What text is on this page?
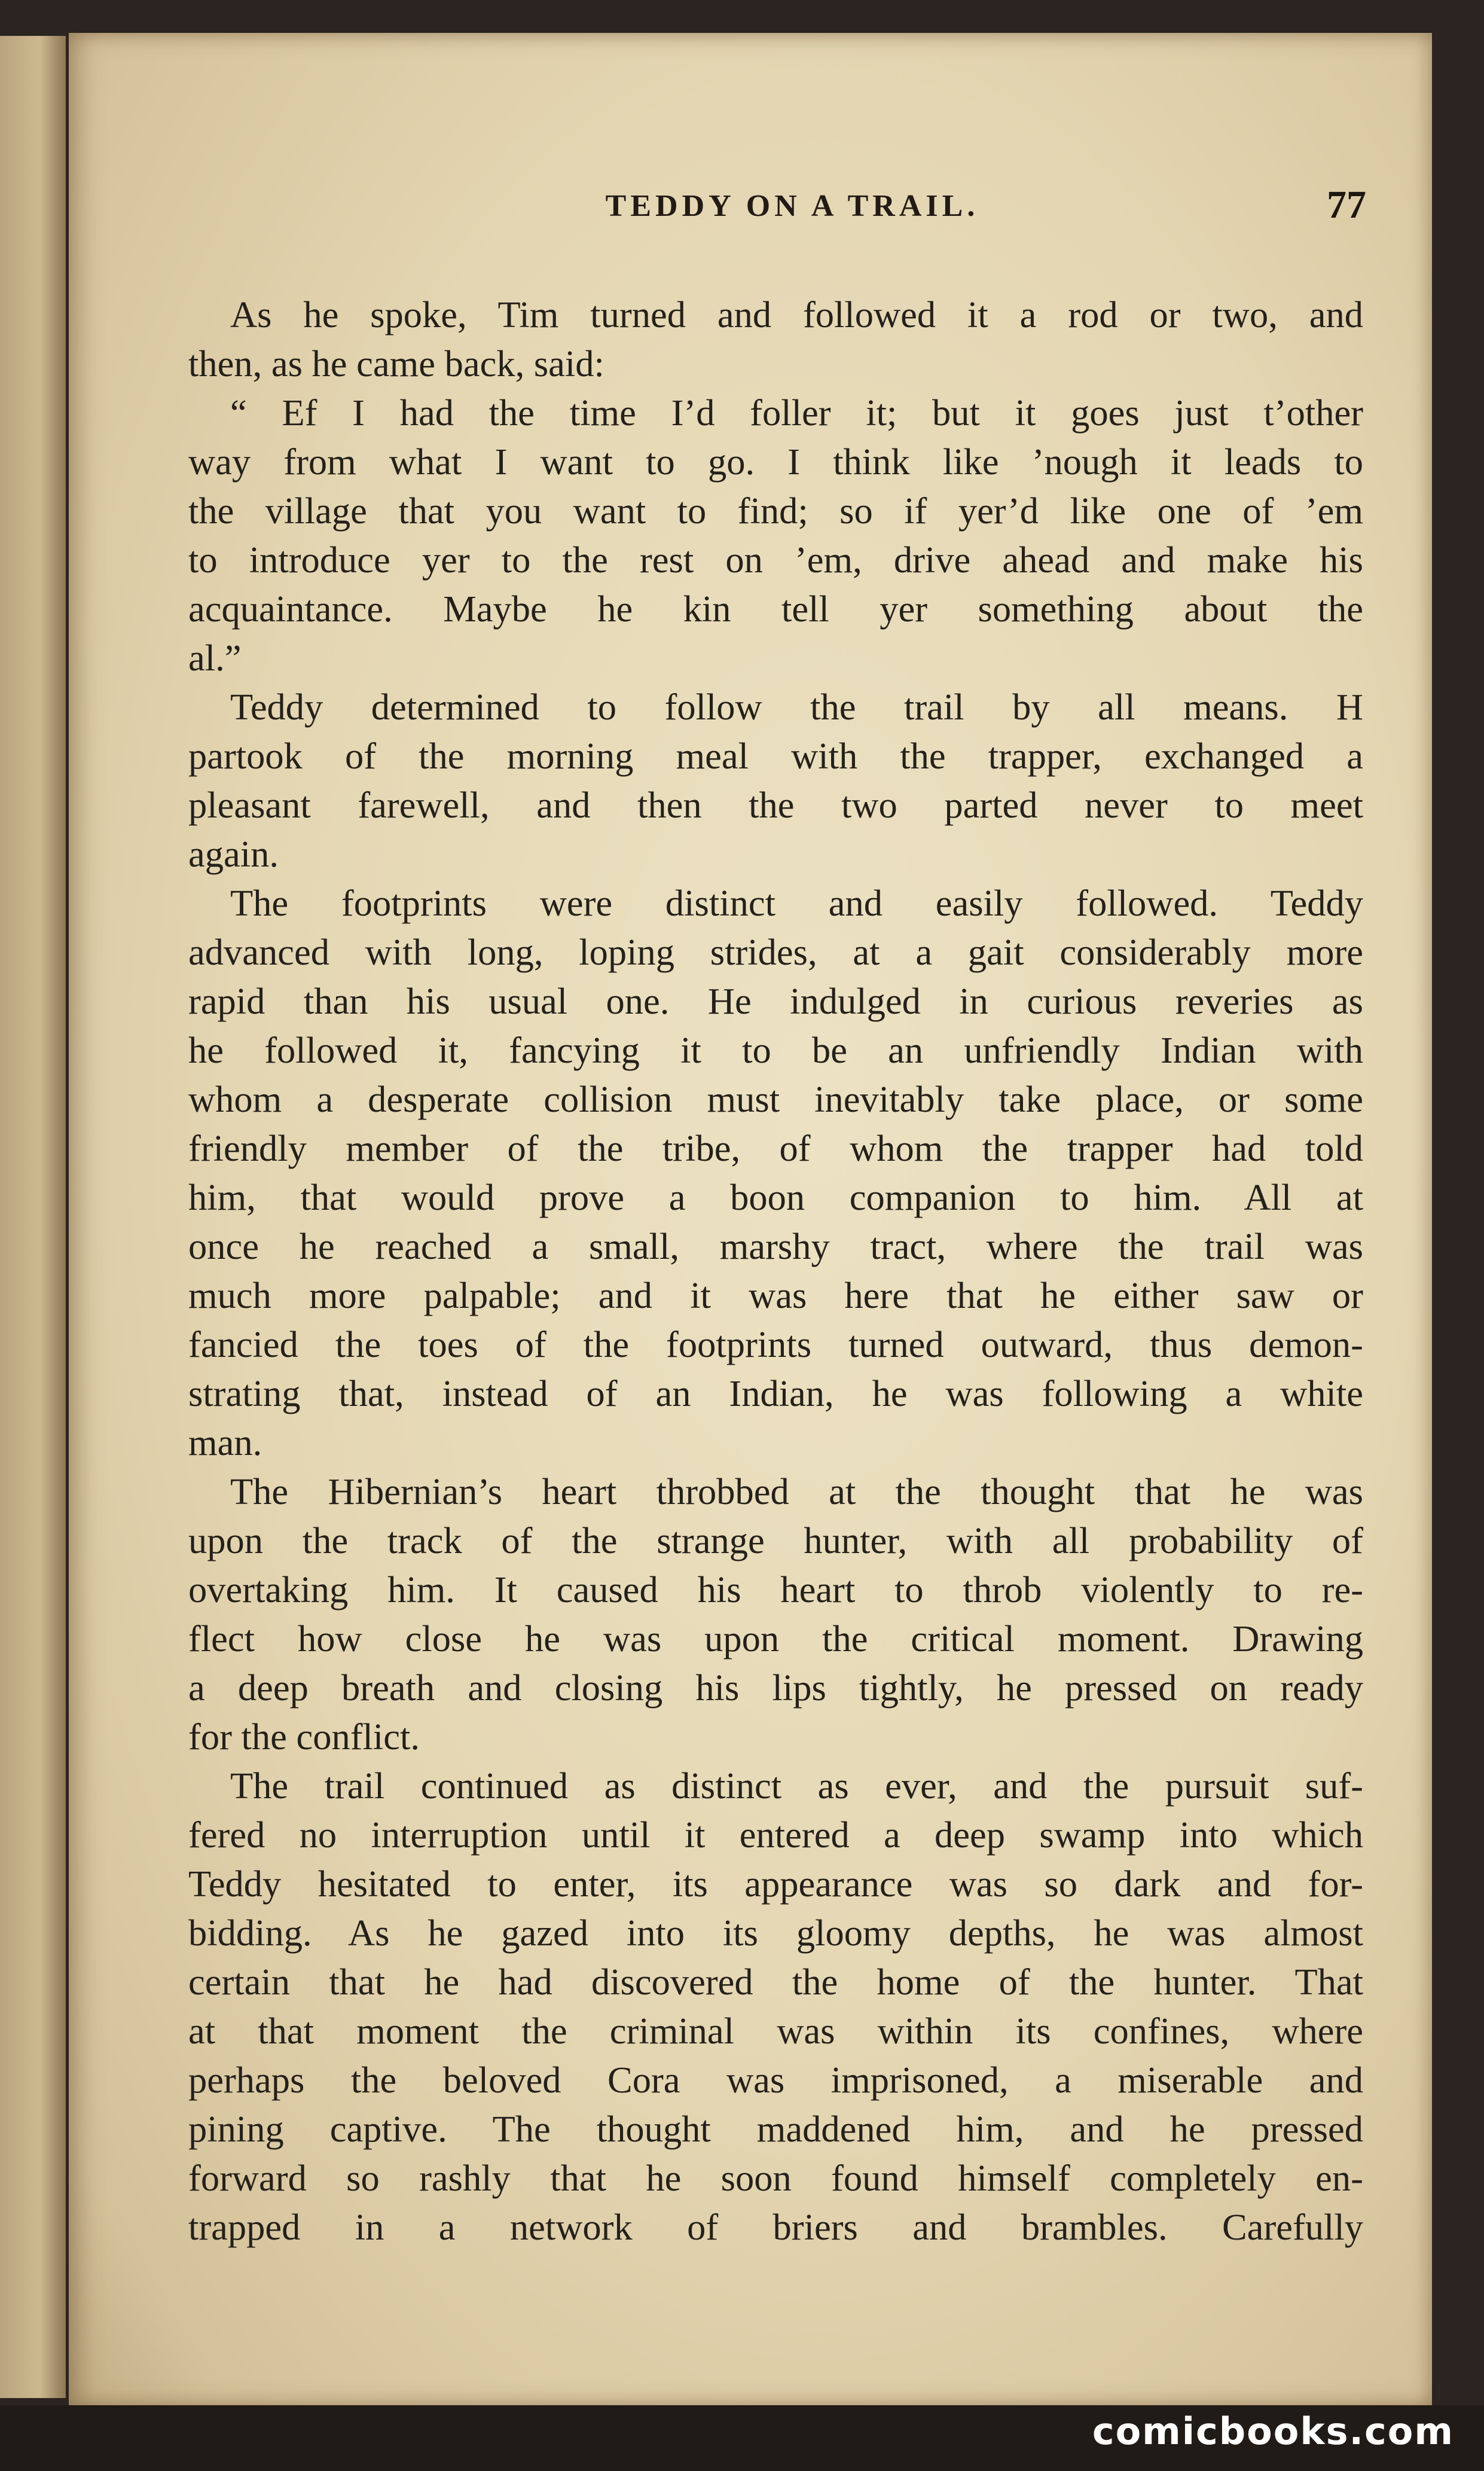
TEDDY ON A TRAIL.	77

As he spoke, Tim turned and followed it a rod or two, and

then, as he came back, said:

“ Ef I had the time I’d foller it; but it goes just t’other

way from what I want to go. I think like ’nough it leads to

the village that you want to find; so if yer’d like one of ’em

to introduce yer to the rest on ’em, drive ahead and make his

acquaintance. Maybe he kin tell yer something about the

al.”

Teddy determined to follow the trail by all means. H

partook of the morning meal with the trapper, exchanged a

pleasant farewell, and then the two parted never to meet

again.

The footprints were distinct and easily followed. Teddy

advanced with long, loping strides, at a gait considerably more

rapid than his usual one. He indulged in curious reveries as

he followed it, fancying it to be an unfriendly Indian with

whom a desperate collision must inevitably take place, or some

friendly member of the tribe, of whom the trapper had told

him, that would prove a boon companion to him. All at

once he reached a small, marshy tract, where the trail was

much more palpable; and it was here that he either saw or

fancied the toes of the footprints turned outward, thus demon-

strating that, instead of an Indian, he was following a white

man.

The Hibernian’s heart throbbed at the thought that he was

upon the track of the strange hunter, with all probability of

overtaking him. It caused his heart to throb violently to re-

flect how close he was upon the critical moment. Drawing

a deep breath and closing his lips tightly, he pressed on ready

for the conflict.

The trail continued as distinct as ever, and the pursuit suf-

fered no interruption until it entered a deep swamp into which

Teddy hesitated to enter, its appearance was so dark and for-

bidding. As he gazed into its gloomy depths, he was almost

certain that he had discovered the home of the hunter. That

at that moment the criminal was within its confines, where

perhaps the beloved Cora was imprisoned, a miserable and

pining captive. The thought maddened him, and he pressed

forward so rashly that he soon found himself completely en-

trapped in a network of briers and brambles. Carefully

comicbooks.com
